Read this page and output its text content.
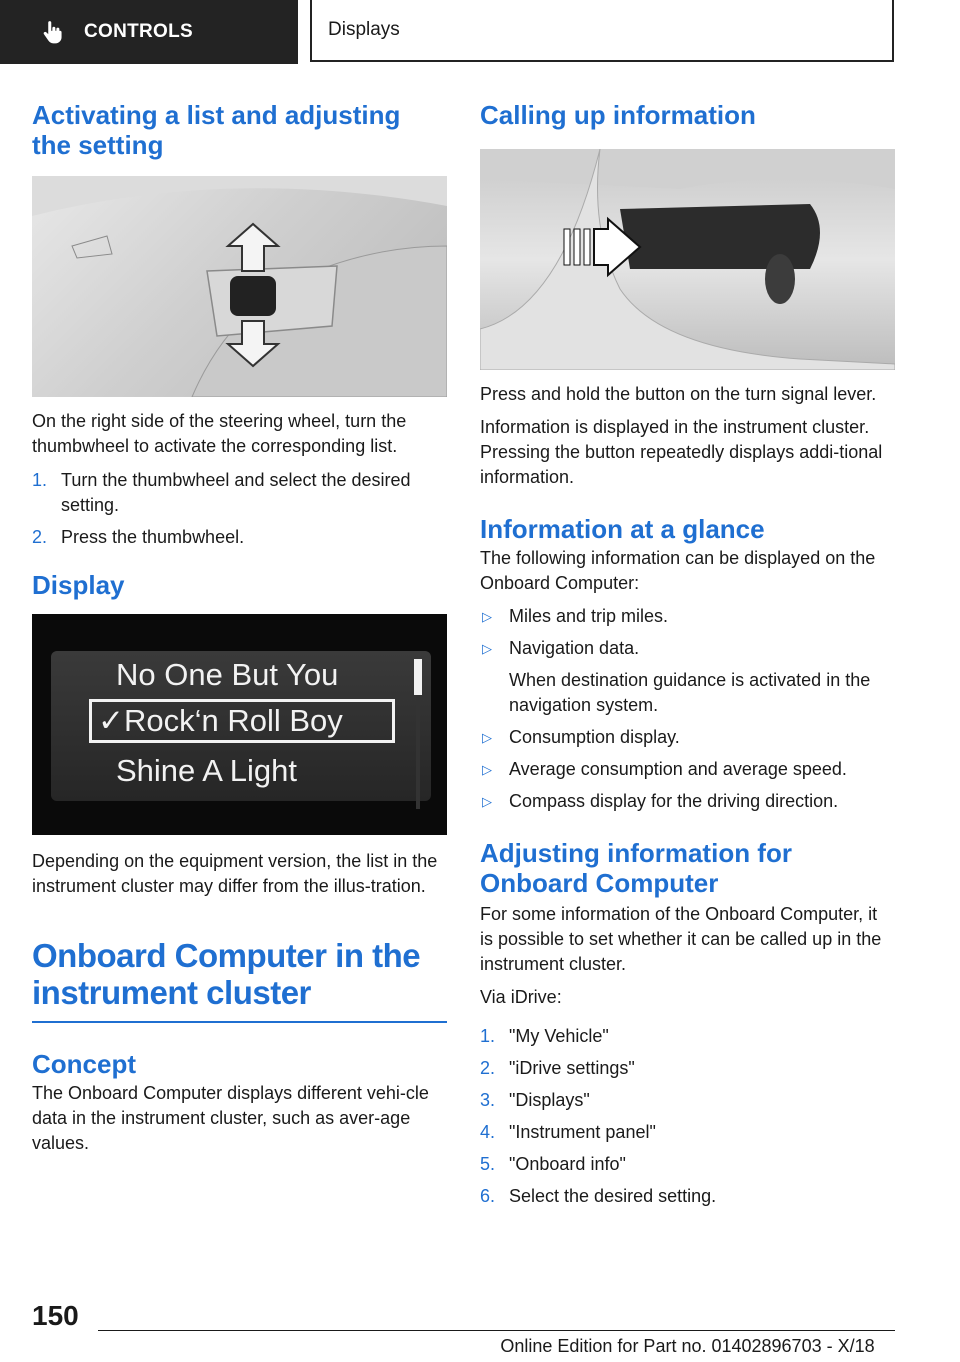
CONTROLS	Displays
Activating a list and adjusting
the setting

On the right side of the steering wheel, turn the thumbwheel to activate the corresponding list.

1. Turn the thumbwheel and select the desired setting.
2. Press the thumbwheel.
Display
No One But You
✓Rock‘n Roll Boy
Shine A Light

Depending on the equipment version, the list in the instrument cluster may differ from the illus-tration.

Onboard Computer in the
instrument cluster
Concept

The Onboard Computer displays different vehi-cle data in the instrument cluster, such as aver-age values.

Calling up information

Press and hold the button on the turn signal lever.

Information is displayed in the instrument cluster. Pressing the button repeatedly displays addi-tional information.

Information at a glance

The following information can be displayed on the Onboard Computer:

▷ Miles and trip miles.
▷ Navigation data.
When destination guidance is activated in the navigation system.
▷ Consumption display.
▷ Average consumption and average speed.
▷ Compass display for the driving direction.
Adjusting information for
Onboard Computer

For some information of the Onboard Computer, it is possible to set whether it can be called up in the instrument cluster.

Via iDrive:

1. "My Vehicle"
2. "iDrive settings"
3. "Displays"
4. "Instrument panel"
5. "Onboard info"
6. Select the desired setting.
150
Online Edition for Part no. 01402896703 - X/18
